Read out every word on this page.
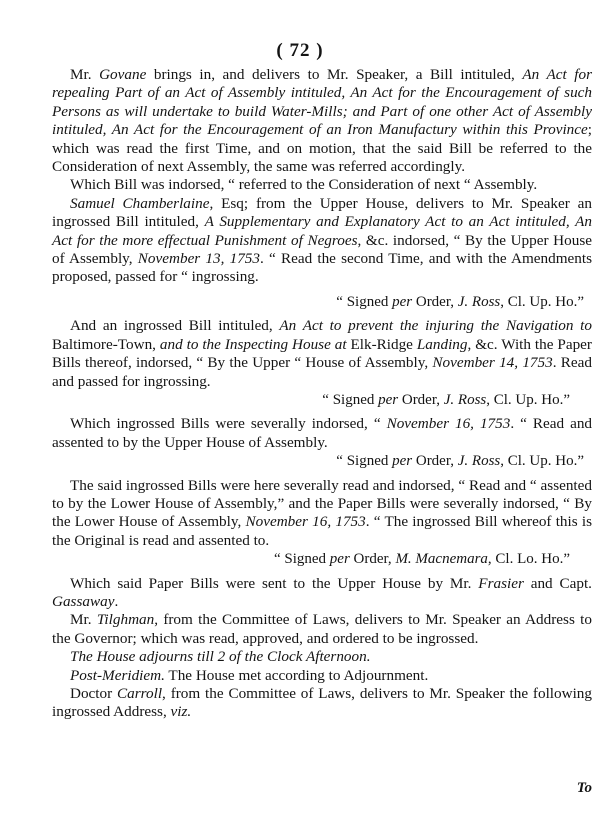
( 72 )

Mr. Govane brings in, and delivers to Mr. Speaker, a Bill intituled, An Act for repealing Part of an Act of Assembly intituled, An Act for the Encouragement of such Persons as will undertake to build Water-Mills; and Part of one other Act of Assembly intituled, An Act for the Encouragement of an Iron Manufactury within this Province; which was read the first Time, and on motion, that the said Bill be referred to the Consideration of next Assembly, the same was referred accordingly.

Which Bill was indorsed, “ referred to the Consideration of next “ Assembly.

Samuel Chamberlaine, Esq; from the Upper House, delivers to Mr. Speaker an ingrossed Bill intituled, A Supplementary and Explanatory Act to an Act intituled, An Act for the more effectual Punishment of Negroes, &c. indorsed, “ By the Upper House of Assembly, November 13, 1753. “ Read the second Time, and with the Amendments proposed, passed for “ ingrossing.

“ Signed per Order, J. Ross, Cl. Up. Ho.”

And an ingrossed Bill intituled, An Act to prevent the injuring the Navigation to Baltimore-Town, and to the Inspecting House at Elk-Ridge Landing, &c. With the Paper Bills thereof, indorsed, “ By the Upper “ House of Assembly, November 14, 1753. Read and passed for ingrossing.

“ Signed per Order, J. Ross, Cl. Up. Ho.”

Which ingrossed Bills were severally indorsed, “ November 16, 1753. “ Read and assented to by the Upper House of Assembly.

“ Signed per Order, J. Ross, Cl. Up. Ho.”

The said ingrossed Bills were here severally read and indorsed, “ Read and “ assented to by the Lower House of Assembly,” and the Paper Bills were severally indorsed, “ By the Lower House of Assembly, November 16, 1753. “ The ingrossed Bill whereof this is the Original is read and assented to.

“ Signed per Order, M. Macnemara, Cl. Lo. Ho.”

Which said Paper Bills were sent to the Upper House by Mr. Frasier and Capt. Gassaway.

Mr. Tilghman, from the Committee of Laws, delivers to Mr. Speaker an Address to the Governor; which was read, approved, and ordered to be ingrossed.

The House adjourns till 2 of the Clock Afternoon.

Post-Meridiem. The House met according to Adjournment.

Doctor Carroll, from the Committee of Laws, delivers to Mr. Speaker the following ingrossed Address, viz.

To
